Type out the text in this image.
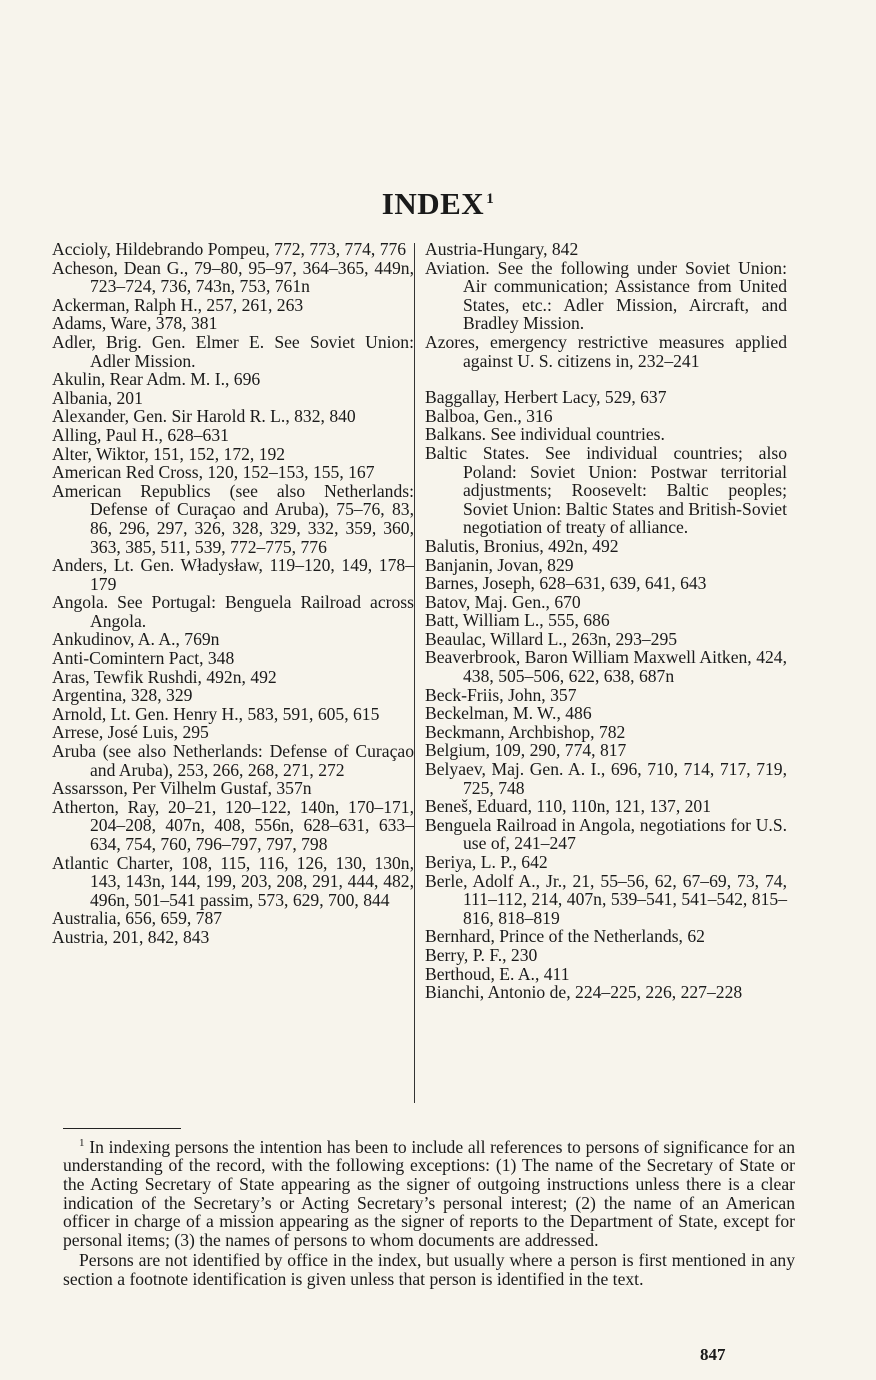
INDEX $^1$
Accioly, Hildebrando Pompeu, 772, 773, 774, 776
Acheson, Dean G., 79–80, 95–97, 364–365, 449n, 723–724, 736, 743n, 753, 761n
Ackerman, Ralph H., 257, 261, 263
Adams, Ware, 378, 381
Adler, Brig. Gen. Elmer E. See Soviet Union: Adler Mission.
Akulin, Rear Adm. M. I., 696
Albania, 201
Alexander, Gen. Sir Harold R. L., 832, 840
Alling, Paul H., 628–631
Alter, Wiktor, 151, 152, 172, 192
American Red Cross, 120, 152–153, 155, 167
American Republics (see also Netherlands: Defense of Curaçao and Aruba), 75–76, 83, 86, 296, 297, 326, 328, 329, 332, 359, 360, 363, 385, 511, 539, 772–775, 776
Anders, Lt. Gen. Władysław, 119–120, 149, 178–179
Angola. See Portugal: Benguela Railroad across Angola.
Ankudinov, A. A., 769n
Anti-Comintern Pact, 348
Aras, Tewfik Rushdi, 492n, 492
Argentina, 328, 329
Arnold, Lt. Gen. Henry H., 583, 591, 605, 615
Arrese, José Luis, 295
Aruba (see also Netherlands: Defense of Curaçao and Aruba), 253, 266, 268, 271, 272
Assarsson, Per Vilhelm Gustaf, 357n
Atherton, Ray, 20–21, 120–122, 140n, 170–171, 204–208, 407n, 408, 556n, 628–631, 633–634, 754, 760, 796–797, 797, 798
Atlantic Charter, 108, 115, 116, 126, 130, 130n, 143, 143n, 144, 199, 203, 208, 291, 444, 482, 496n, 501–541 passim, 573, 629, 700, 844
Australia, 656, 659, 787
Austria, 201, 842, 843
Austria-Hungary, 842
Aviation. See the following under Soviet Union: Air communication; Assistance from United States, etc.: Adler Mission, Aircraft, and Bradley Mission.
Azores, emergency restrictive measures applied against U. S. citizens in, 232–241
Baggallay, Herbert Lacy, 529, 637
Balboa, Gen., 316
Balkans. See individual countries.
Baltic States. See individual countries; also Poland: Soviet Union: Postwar territorial adjustments; Roosevelt: Baltic peoples; Soviet Union: Baltic States and British-Soviet negotiation of treaty of alliance.
Balutis, Bronius, 492n, 492
Banjanin, Jovan, 829
Barnes, Joseph, 628–631, 639, 641, 643
Batov, Maj. Gen., 670
Batt, William L., 555, 686
Beaulac, Willard L., 263n, 293–295
Beaverbrook, Baron William Maxwell Aitken, 424, 438, 505–506, 622, 638, 687n
Beck-Friis, John, 357
Beckelman, M. W., 486
Beckmann, Archbishop, 782
Belgium, 109, 290, 774, 817
Belyaev, Maj. Gen. A. I., 696, 710, 714, 717, 719, 725, 748
Beneš, Eduard, 110, 110n, 121, 137, 201
Benguela Railroad in Angola, negotiations for U.S. use of, 241–247
Beriya, L. P., 642
Berle, Adolf A., Jr., 21, 55–56, 62, 67–69, 73, 74, 111–112, 214, 407n, 539–541, 541–542, 815–816, 818–819
Bernhard, Prince of the Netherlands, 62
Berry, P. F., 230
Berthoud, E. A., 411
Bianchi, Antonio de, 224–225, 226, 227–228

$^1$ In indexing persons the intention has been to include all references to persons of significance for an understanding of the record, with the following exceptions: (1) The name of the Secretary of State or the Acting Secretary of State appearing as the signer of outgoing instructions unless there is a clear indication of the Secretary’s or Acting Secretary’s personal interest; (2) the name of an American officer in charge of a mission appearing as the signer of reports to the Department of State, except for personal items; (3) the names of persons to whom documents are addressed.

Persons are not identified by office in the index, but usually where a person is first mentioned in any section a footnote identification is given unless that person is identified in the text.

847
